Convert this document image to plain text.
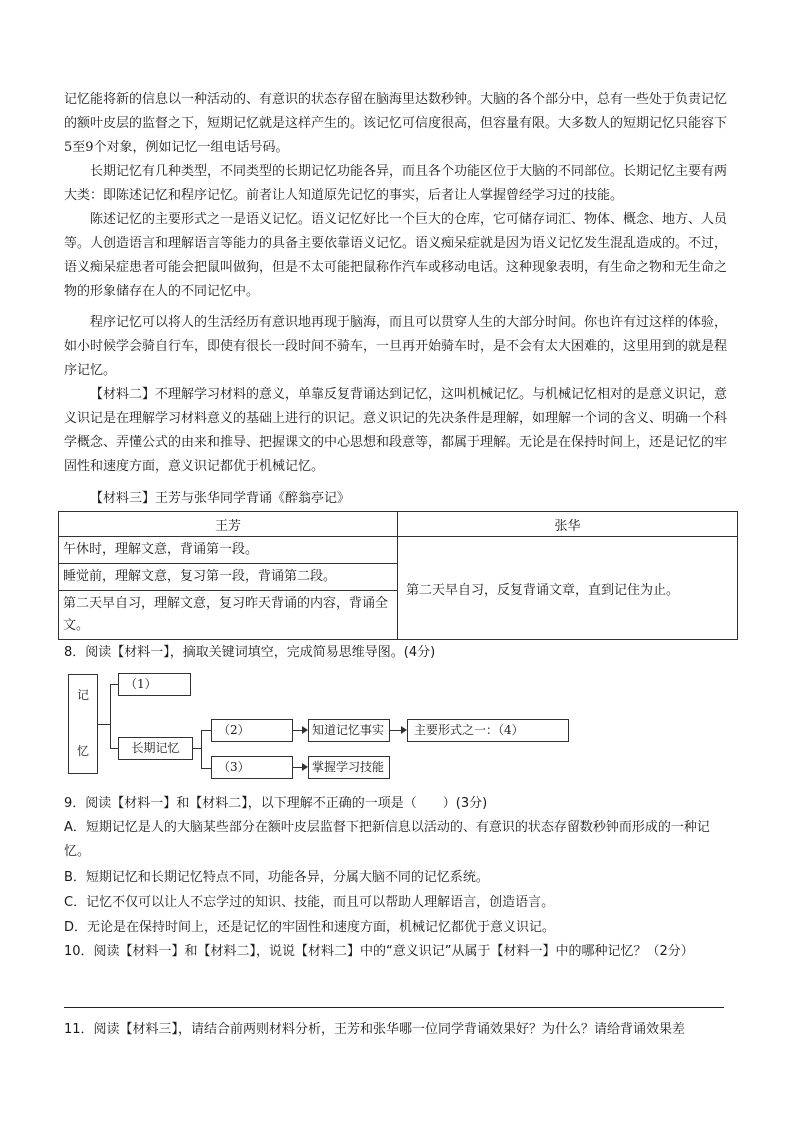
记忆能将新的信息以一种活动的、有意识的状态存留在脑海里达数秒钟。大脑的各个部分中，总有一些处于负责记忆的额叶皮层的监督之下，短期记忆就是这样产生的。该记忆可信度很高，但容量有限。大多数人的短期记忆只能容下5至9个对象，例如记忆一组电话号码。

长期记忆有几种类型，不同类型的长期记忆功能各异，而且各个功能区位于大脑的不同部位。长期记忆主要有两大类：即陈述记忆和程序记忆。前者让人知道原先记忆的事实，后者让人掌握曾经学习过的技能。

陈述记忆的主要形式之一是语义记忆。语义记忆好比一个巨大的仓库，它可储存词汇、物体、概念、地方、人员等。人创造语言和理解语言等能力的具备主要依靠语义记忆。语义痴呆症就是因为语义记忆发生混乱造成的。不过，语义痴呆症患者可能会把鼠叫做狗，但是不太可能把鼠称作汽车或移动电话。这种现象表明，有生命之物和无生命之物的形象储存在人的不同记忆中。

程序记忆可以将人的生活经历有意识地再现于脑海，而且可以贯穿人生的大部分时间。你也许有过这样的体验，如小时候学会骑自行车，即使有很长一段时间不骑车，一旦再开始骑车时，是不会有太大困难的，这里用到的就是程序记忆。

【材料二】不理解学习材料的意义，单靠反复背诵达到记忆，这叫机械记忆。与机械记忆相对的是意义识记，意义识记是在理解学习材料意义的基础上进行的识记。意义识记的先决条件是理解，如理解一个词的含义、明确一个科学概念、弄懂公式的由来和推导、把握课文的中心思想和段意等，都属于理解。无论是在保持时间上，还是记忆的牢固性和速度方面，意义识记都优于机械记忆。

【材料三】王芳与张华同学背诵《醉翁亭记》

王芳	张华

午休时，理解文意，背诵第一段。
睡觉前，理解文意，复习第一段，背诵第二段。
第二天早自习，理解文意，复习昨天背诵的内容，背诵全文。	第二天早自习，反复背诵文章，直到记住为止。

8．阅读【材料一】，摘取关键词填空，完成简易思维导图。(4分)

记
忆
（1）
长期记忆
（2）
（3）
知道记忆事实
掌握学习技能
主要形式之一：（4）

9．阅读【材料一】和【材料二】，以下理解不正确的一项是（　　）(3分)

A．短期记忆是人的大脑某些部分在额叶皮层监督下把新信息以活动的、有意识的状态存留数秒钟而形成的一种记忆。

B．短期记忆和长期记忆特点不同，功能各异，分属大脑不同的记忆系统。

C．记忆不仅可以让人不忘学过的知识、技能，而且可以帮助人理解语言，创造语言。

D．无论是在保持时间上，还是记忆的牢固性和速度方面，机械记忆都优于意义识记。

10．阅读【材料一】和【材料二】，说说【材料二】中的“意义识记”从属于【材料一】中的哪种记忆？（2分）

11．阅读【材料三】，请结合前两则材料分析，王芳和张华哪一位同学背诵效果好？为什么？请给背诵效果差
